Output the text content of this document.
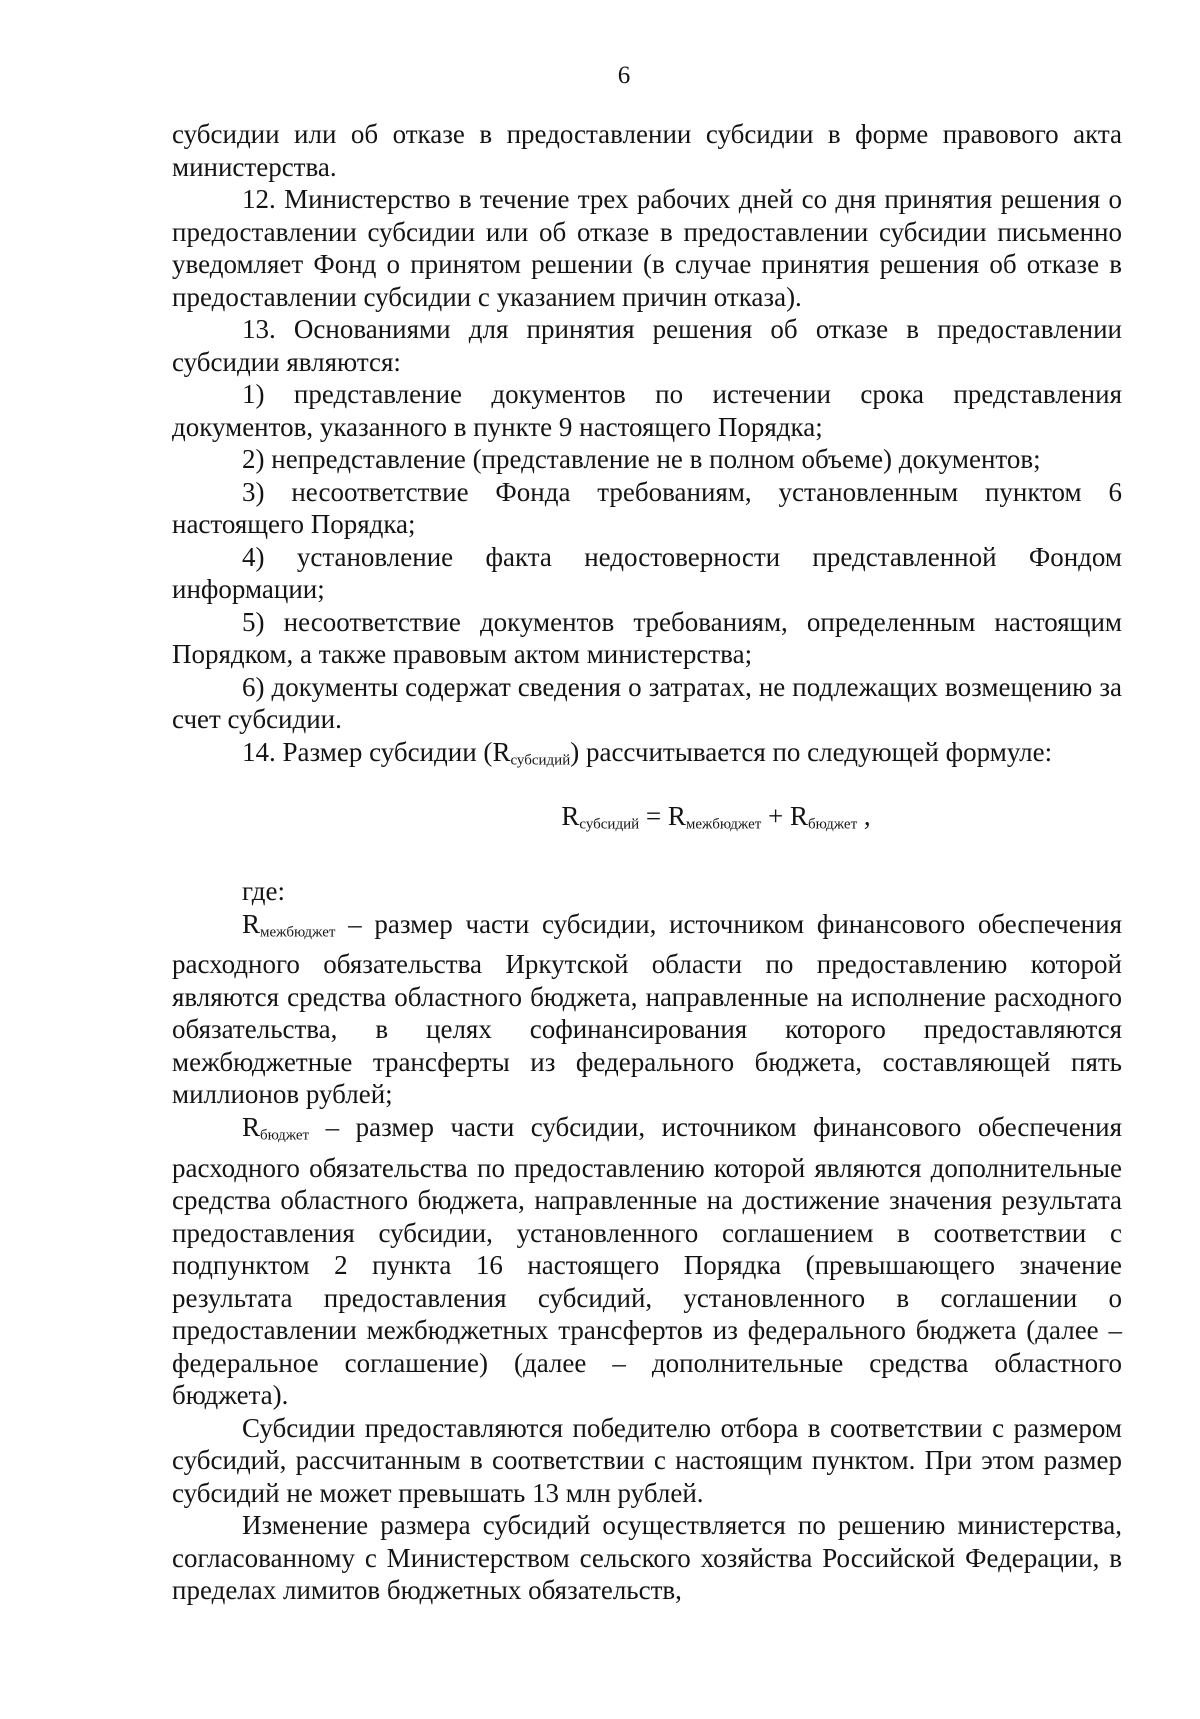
6

субсидии или об отказе в предоставлении субсидии в форме правового акта министерства.

12. Министерство в течение трех рабочих дней со дня принятия решения о предоставлении субсидии или об отказе в предоставлении субсидии письменно уведомляет Фонд о принятом решении (в случае принятия решения об отказе в предоставлении субсидии с указанием причин отказа).

13. Основаниями для принятия решения об отказе в предоставлении субсидии являются:

1) представление документов по истечении срока представления документов, указанного в пункте 9 настоящего Порядка;

2) непредставление (представление не в полном объеме) документов;

3) несоответствие Фонда требованиям, установленным пунктом 6 настоящего Порядка;

4) установление факта недостоверности представленной Фондом информации;

5) несоответствие документов требованиям, определенным настоящим Порядком, а также правовым актом министерства;

6) документы содержат сведения о затратах, не подлежащих возмещению за счет субсидии.

14. Размер субсидии $(R_{субсидий})$ рассчитывается по следующей формуле:

$R_{субсидий} = R_{межбюджет} + R_{бюджет}$ ,

где:

$R_{межбюджет}$ – размер части субсидии, источником финансового обеспечения расходного обязательства Иркутской области по предоставлению которой являются средства областного бюджета, направленные на исполнение расходного обязательства, в целях софинансирования которого предоставляются межбюджетные трансферты из федерального бюджета, составляющей пять миллионов рублей;

$R_{бюджет}$ – размер части субсидии, источником финансового обеспечения расходного обязательства по предоставлению которой являются дополнительные средства областного бюджета, направленные на достижение значения результата предоставления субсидии, установленного соглашением в соответствии с подпунктом 2 пункта 16 настоящего Порядка (превышающего значение результата предоставления субсидий, установленного в соглашении о предоставлении межбюджетных трансфертов из федерального бюджета (далее – федеральное соглашение) (далее – дополнительные средства областного бюджета).

Субсидии предоставляются победителю отбора в соответствии с размером субсидий, рассчитанным в соответствии с настоящим пунктом. При этом размер субсидий не может превышать 13 млн рублей.

Изменение размера субсидий осуществляется по решению министерства, согласованному с Министерством сельского хозяйства Российской Федерации, в пределах лимитов бюджетных обязательств,
